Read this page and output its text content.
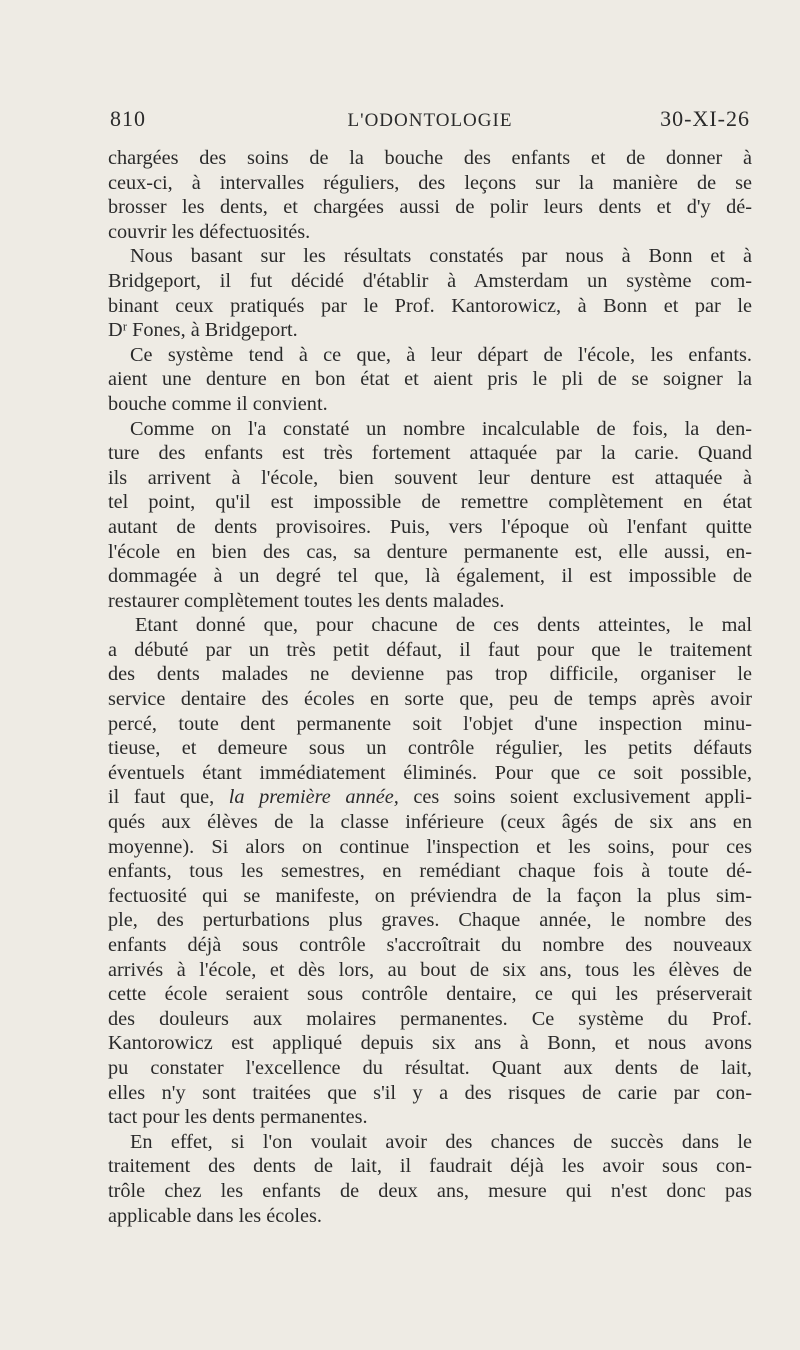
810	L'ODONTOLOGIE	30-XI-26
chargées des soins de la bouche des enfants et de donner à
ceux-ci, à intervalles réguliers, des leçons sur la manière de se
brosser les dents, et chargées aussi de polir leurs dents et d'y dé-
couvrir les défectuosités.
Nous basant sur les résultats constatés par nous à Bonn et à
Bridgeport, il fut décidé d'établir à Amsterdam un système com-
binant ceux pratiqués par le Prof. Kantorowicz, à Bonn et par le
Dʳ Fones, à Bridgeport.
Ce système tend à ce que, à leur départ de l'école, les enfants.
aient une denture en bon état et aient pris le pli de se soigner la
bouche comme il convient.
Comme on l'a constaté un nombre incalculable de fois, la den-
ture des enfants est très fortement attaquée par la carie. Quand
ils arrivent à l'école, bien souvent leur denture est attaquée à
tel point, qu'il est impossible de remettre complètement en état
autant de dents provisoires. Puis, vers l'époque où l'enfant quitte
l'école en bien des cas, sa denture permanente est, elle aussi, en-
dommagée à un degré tel que, là également, il est impossible de
restaurer complètement toutes les dents malades.
Etant donné que, pour chacune de ces dents atteintes, le mal
a débuté par un très petit défaut, il faut pour que le traitement
des dents malades ne devienne pas trop difficile, organiser le
service dentaire des écoles en sorte que, peu de temps après avoir
percé, toute dent permanente soit l'objet d'une inspection minu-
tieuse, et demeure sous un contrôle régulier, les petits défauts
éventuels étant immédiatement éliminés. Pour que ce soit possible,
il faut que, la première année, ces soins soient exclusivement appli-
qués aux élèves de la classe inférieure (ceux âgés de six ans en
moyenne). Si alors on continue l'inspection et les soins, pour ces
enfants, tous les semestres, en remédiant chaque fois à toute dé-
fectuosité qui se manifeste, on préviendra de la façon la plus sim-
ple, des perturbations plus graves. Chaque année, le nombre des
enfants déjà sous contrôle s'accroîtrait du nombre des nouveaux
arrivés à l'école, et dès lors, au bout de six ans, tous les élèves de
cette école seraient sous contrôle dentaire, ce qui les préserverait
des douleurs aux molaires permanentes. Ce système du Prof.
Kantorowicz est appliqué depuis six ans à Bonn, et nous avons
pu constater l'excellence du résultat. Quant aux dents de lait,
elles n'y sont traitées que s'il y a des risques de carie par con-
tact pour les dents permanentes.
En effet, si l'on voulait avoir des chances de succès dans le
traitement des dents de lait, il faudrait déjà les avoir sous con-
trôle chez les enfants de deux ans, mesure qui n'est donc pas
applicable dans les écoles.
